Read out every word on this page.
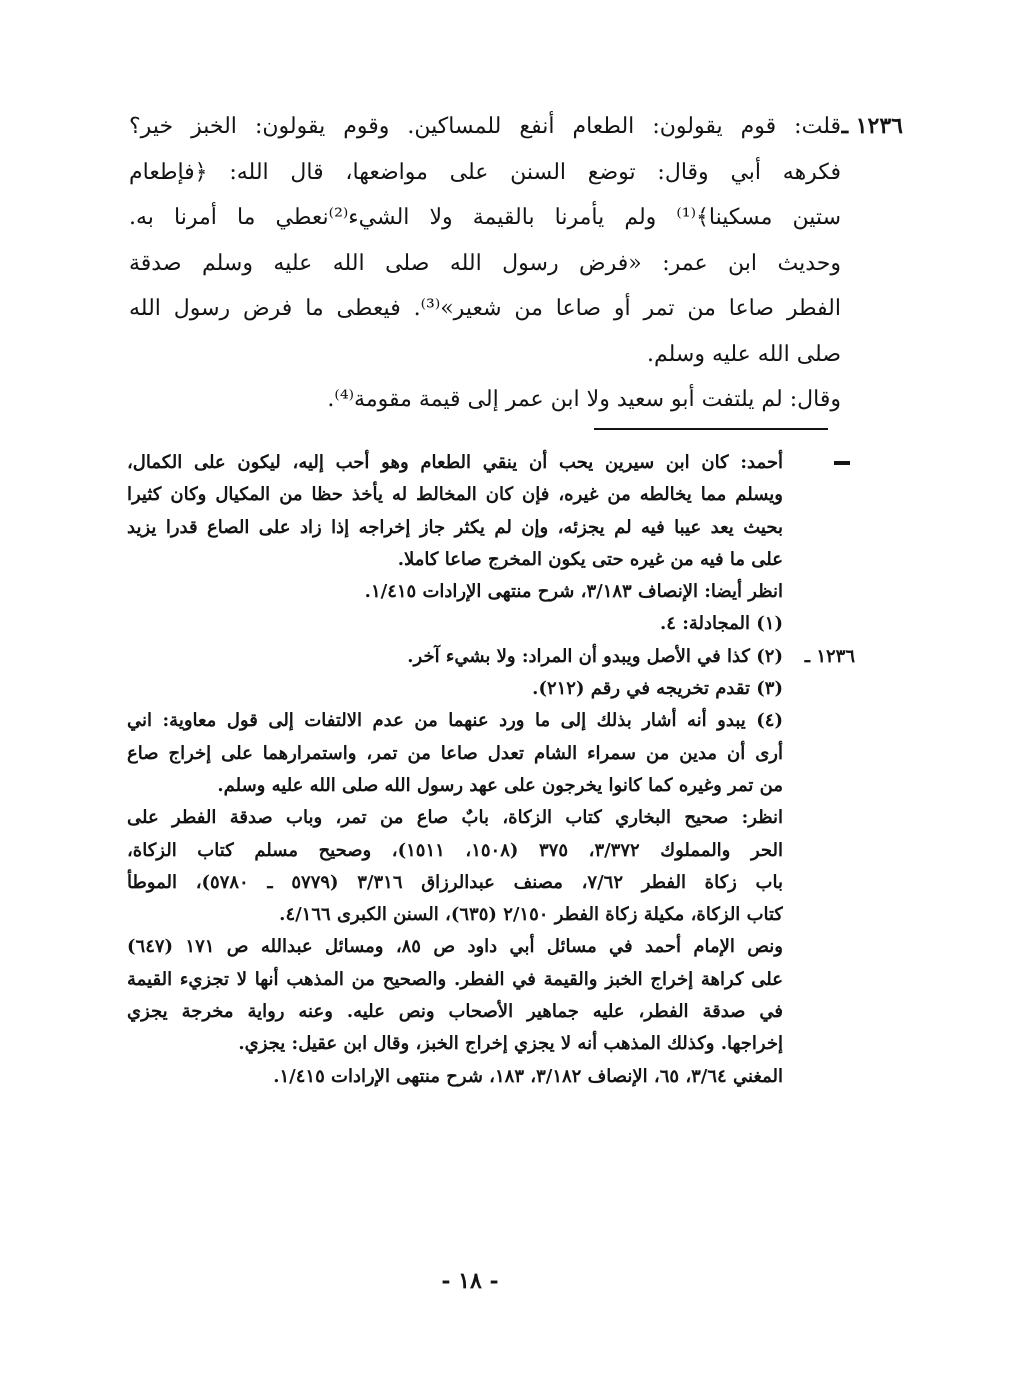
١٢٣٦ ـ
قلت: قوم يقولون: الطعام أنفع للمساكين. وقوم يقولون: الخبز خير؟
فكرهه أبي وقال: توضع السنن على مواضعها، قال الله: ﴿فإطعام
ستين مسكينا﴾⁽¹⁾ ولم يأمرنا بالقيمة ولا الشيء⁽²⁾نعطي ما أمرنا به.
وحديث ابن عمر: «فرض رسول الله صلى الله عليه وسلم صدقة
الفطر صاعا من تمر أو صاعا من شعير»⁽³⁾. فيعطى ما فرض رسول الله
صلى الله عليه وسلم.
وقال: لم يلتفت أبو سعيد ولا ابن عمر إلى قيمة مقومة⁽⁴⁾.
١٢٣٦ ـ
أحمد: كان ابن سيرين يحب أن ينقي الطعام وهو أحب إليه، ليكون على الكمال،
ويسلم مما يخالطه من غيره، فإن كان المخالط له يأخذ حظا من المكيال وكان كثيرا
بحيث يعد عيبا فيه لم يجزئه، وإن لم يكثر جاز إخراجه إذا زاد على الصاع قدرا يزيد
على ما فيه من غيره حتى يكون المخرج صاعا كاملا.
انظر أيضا: الإنصاف ٣/١٨٣، شرح منتهى الإرادات ١/٤١٥.
(١) المجادلة: ٤.
(٢) كذا في الأصل ويبدو أن المراد: ولا بشيء آخر.
(٣) تقدم تخريجه في رقم (٢١٢).
(٤) يبدو أنه أشار بذلك إلى ما ورد عنهما من عدم الالتفات إلى قول معاوية: اني
أرى أن مدين من سمراء الشام تعدل صاعا من تمر، واستمرارهما على إخراج صاع
من تمر وغيره كما كانوا يخرجون على عهد رسول الله صلى الله عليه وسلم.
انظر: صحيح البخاري كتاب الزكاة، بابٌ صاع من تمر، وباب صدقة الفطر على
الحر والمملوك ٣/٣٧٢، ٣٧٥ (١٥٠٨، ١٥١١)، وصحيح مسلم كتاب الزكاة،
باب زكاة الفطر ٧/٦٢، مصنف عبدالرزاق ٣/٣١٦ (٥٧٧٩ ـ ٥٧٨٠)، الموطأ
كتاب الزكاة، مكيلة زكاة الفطر ٢/١٥٠ (٦٣٥)، السنن الكبرى ٤/١٦٦.
ونص الإمام أحمد في مسائل أبي داود ص ٨٥، ومسائل عبدالله ص ١٧١ (٦٤٧)
على كراهة إخراج الخبز والقيمة في الفطر. والصحيح من المذهب أنها لا تجزيء القيمة
في صدقة الفطر، عليه جماهير الأصحاب ونص عليه. وعنه رواية مخرجة يجزي
إخراجها. وكذلك المذهب أنه لا يجزي إخراج الخبز، وقال ابن عقيل: يجزي.
المغني ٣/٦٤، ٦٥، الإنصاف ٣/١٨٢، ١٨٣، شرح منتهى الإرادات ١/٤١٥.
- ١٨ -
